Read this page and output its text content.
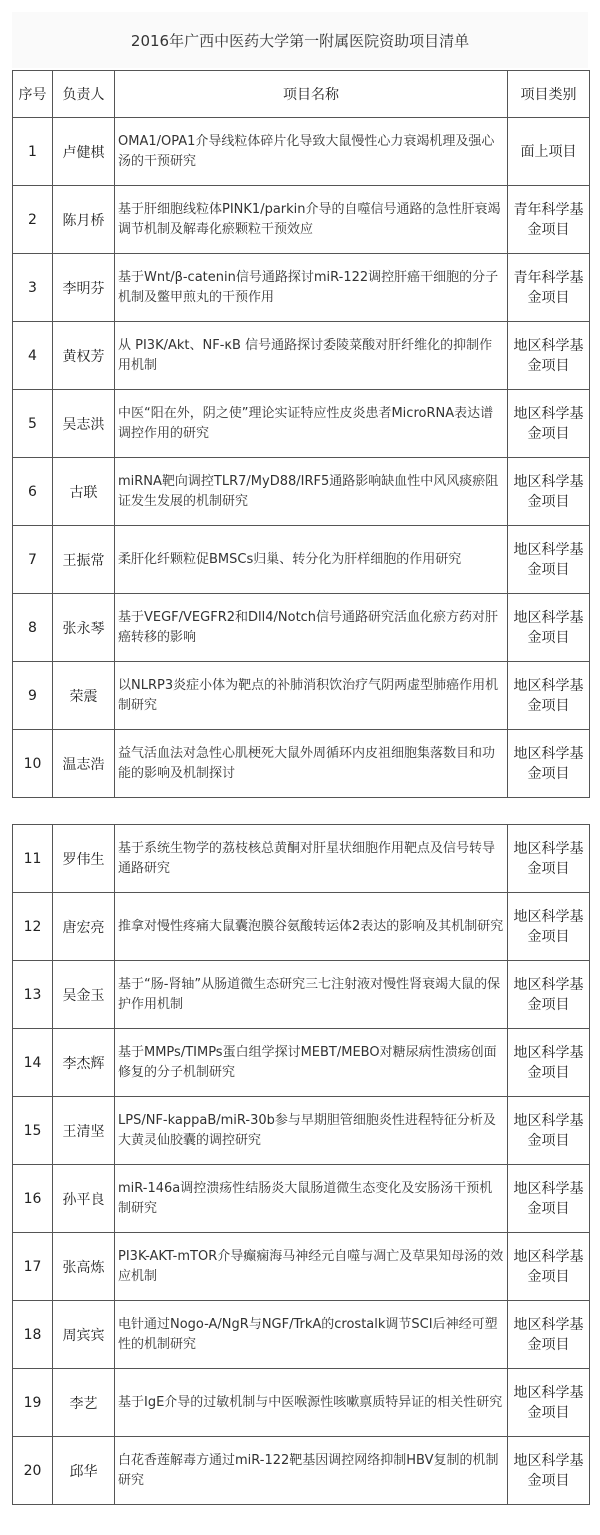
2016年广西中医药大学第一附属医院资助项目清单
序号	负责人	项目名称	项目类别
1	卢健棋	OMA1/OPA1介导线粒体碎片化导致大鼠慢性心力衰竭机理及强心汤的干预研究	面上项目
2	陈月桥	基于肝细胞线粒体PINK1/parkin介导的自噬信号通路的急性肝衰竭调节机制及解毒化瘀颗粒干预效应	青年科学基金项目
3	李明芬	基于Wnt/β-catenin信号通路探讨miR-122调控肝癌干细胞的分子机制及鳖甲煎丸的干预作用	青年科学基金项目
4	黄权芳	从 PI3K/Akt、NF-κB 信号通路探讨委陵菜酸对肝纤维化的抑制作用机制	地区科学基金项目
5	吴志洪	中医“阳在外，阴之使”理论实证特应性皮炎患者MicroRNA表达谱调控作用的研究	地区科学基金项目
6	古联	miRNA靶向调控TLR7/MyD88/IRF5通路影响缺血性中风风痰瘀阻证发生发展的机制研究	地区科学基金项目
7	王振常	柔肝化纤颗粒促BMSCs归巢、转分化为肝样细胞的作用研究	地区科学基金项目
8	张永琴	基于VEGF/VEGFR2和Dll4/Notch信号通路研究活血化瘀方药对肝癌转移的影响	地区科学基金项目
9	荣震	以NLRP3炎症小体为靶点的补肺消积饮治疗气阴两虚型肺癌作用机制研究	地区科学基金项目
10	温志浩	益气活血法对急性心肌梗死大鼠外周循环内皮祖细胞集落数目和功能的影响及机制探讨	地区科学基金项目
11	罗伟生	基于系统生物学的荔枝核总黄酮对肝星状细胞作用靶点及信号转导通路研究	地区科学基金项目
12	唐宏亮	推拿对慢性疼痛大鼠囊泡膜谷氨酸转运体2表达的影响及其机制研究	地区科学基金项目
13	吴金玉	基于“肠-肾轴”从肠道微生态研究三七注射液对慢性肾衰竭大鼠的保护作用机制	地区科学基金项目
14	李杰辉	基于MMPs/TIMPs蛋白组学探讨MEBT/MEBO对糖尿病性溃疡创面修复的分子机制研究	地区科学基金项目
15	王清坚	LPS/NF-kappaB/miR-30b参与早期胆管细胞炎性进程特征分析及大黄灵仙胶囊的调控研究	地区科学基金项目
16	孙平良	miR-146a调控溃疡性结肠炎大鼠肠道微生态变化及安肠汤干预机制研究	地区科学基金项目
17	张高炼	PI3K-AKT-mTOR介导癫痫海马神经元自噬与凋亡及草果知母汤的效应机制	地区科学基金项目
18	周宾宾	电针通过Nogo-A/NgR与NGF/TrkA的crostalk调节SCI后神经可塑性的机制研究	地区科学基金项目
19	李艺	基于IgE介导的过敏机制与中医喉源性咳嗽禀质特异证的相关性研究	地区科学基金项目
20	邱华	白花香莲解毒方通过miR-122靶基因调控网络抑制HBV复制的机制研究	地区科学基金项目
